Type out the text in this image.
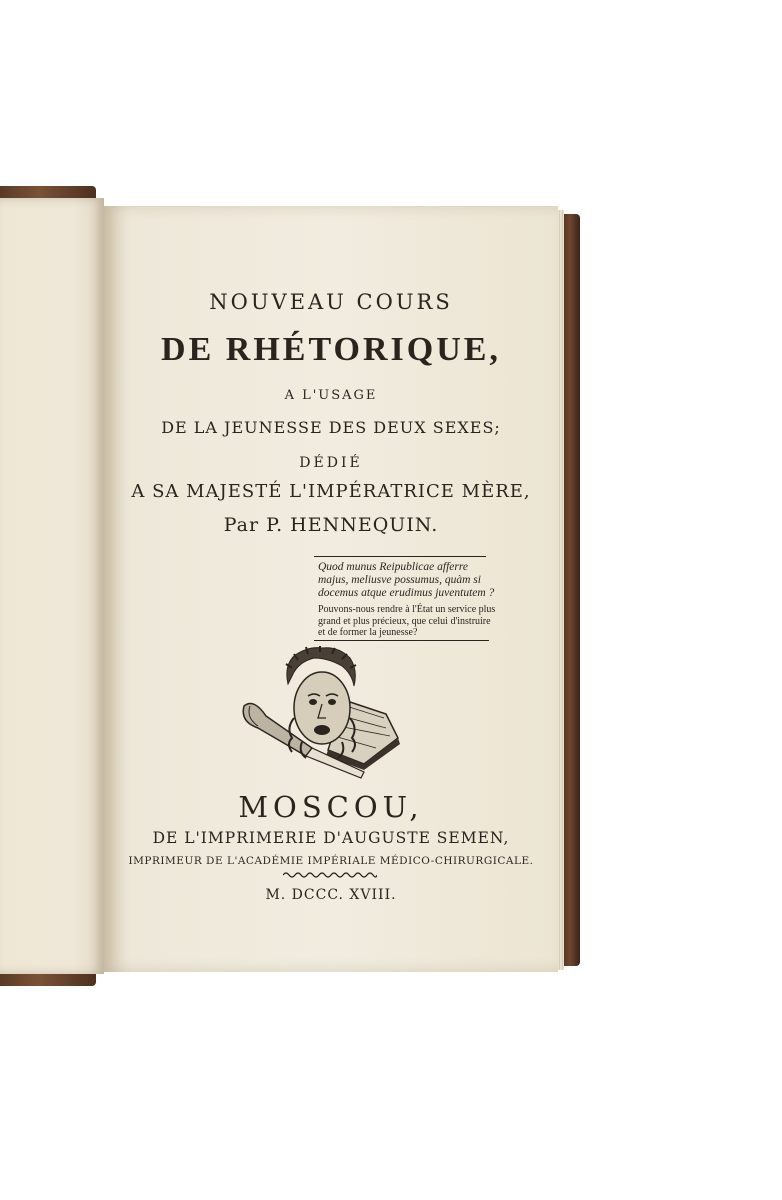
NOUVEAU COURS
DE RHÉTORIQUE,
A L'USAGE
DE LA JEUNESSE DES DEUX SEXES;
DÉDIÉ
A SA MAJESTÉ L'IMPÉRATRICE MÈRE,
Par P. HENNEQUIN.

Quod munus Reipublicae afferre majus, meliusve possumus, quàm si docemus atque erudimus juventutem ?

Pouvons-nous rendre à l'État un service plus grand et plus précieux, que celui d'instruire et de former la jeunesse?

MOSCOU,
DE L'IMPRIMERIE D'AUGUSTE SEMEN,
IMPRIMEUR DE L'ACADÉMIE IMPÉRIALE MÉDICO-CHIRURGICALE.
M. DCCC. XVIII.
